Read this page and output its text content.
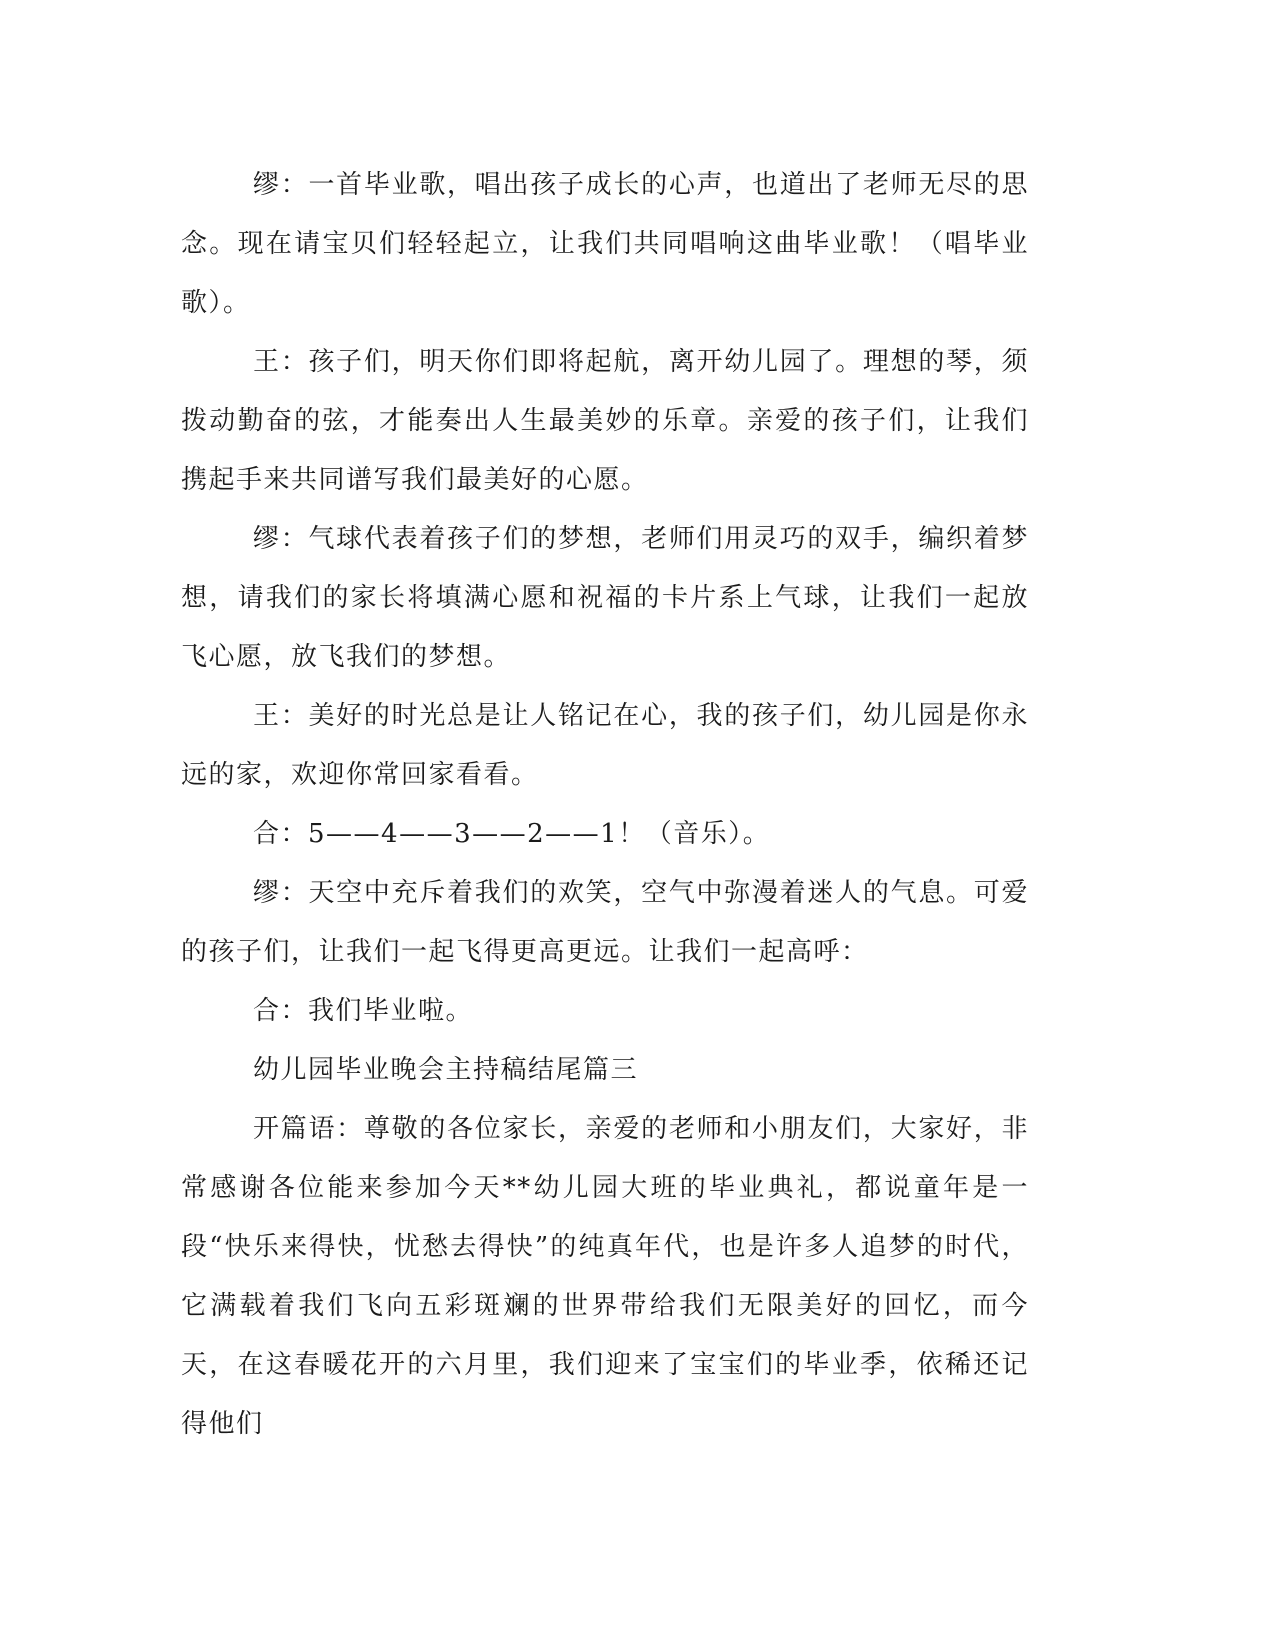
缪：一首毕业歌，唱出孩子成长的心声，也道出了老师无尽的思念。现在请宝贝们轻轻起立，让我们共同唱响这曲毕业歌！（唱毕业歌）。

王：孩子们，明天你们即将起航，离开幼儿园了。理想的琴，须拨动勤奋的弦，才能奏出人生最美妙的乐章。亲爱的孩子们，让我们携起手来共同谱写我们最美好的心愿。

缪：气球代表着孩子们的梦想，老师们用灵巧的双手，编织着梦想，请我们的家长将填满心愿和祝福的卡片系上气球，让我们一起放飞心愿，放飞我们的梦想。

王：美好的时光总是让人铭记在心，我的孩子们，幼儿园是你永远的家，欢迎你常回家看看。

合：5——4——3——2——1！（音乐）。

缪：天空中充斥着我们的欢笑，空气中弥漫着迷人的气息。可爱的孩子们，让我们一起飞得更高更远。让我们一起高呼：

合：我们毕业啦。

幼儿园毕业晚会主持稿结尾篇三

开篇语：尊敬的各位家长，亲爱的老师和小朋友们，大家好，非常感谢各位能来参加今天**幼儿园大班的毕业典礼，都说童年是一段“快乐来得快，忧愁去得快”的纯真年代，也是许多人追梦的时代，它满载着我们飞向五彩斑斓的世界带给我们无限美好的回忆，而今天，在这春暖花开的六月里，我们迎来了宝宝们的毕业季，依稀还记得他们
